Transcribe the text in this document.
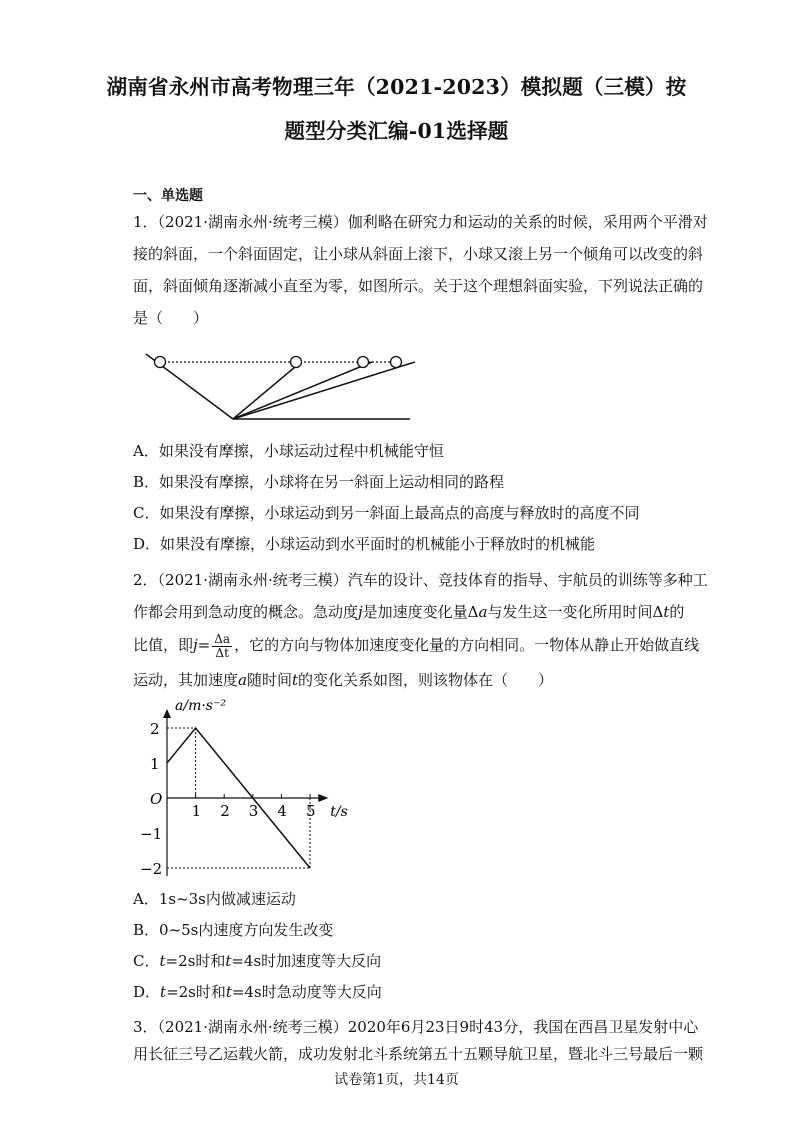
湖南省永州市高考物理三年（2021-2023）模拟题（三模）按
题型分类汇编-01选择题
一、单选题
1．（2021·湖南永州·统考三模）伽利略在研究力和运动的关系的时候，采用两个平滑对
接的斜面，一个斜面固定，让小球从斜面上滚下，小球又滚上另一个倾角可以改变的斜
面，斜面倾角逐渐减小直至为零，如图所示。关于这个理想斜面实验，下列说法正确的
是（　　）
A．如果没有摩擦，小球运动过程中机械能守恒
B．如果没有摩擦，小球将在另一斜面上运动相同的路程
C．如果没有摩擦，小球运动到另一斜面上最高点的高度与释放时的高度不同
D．如果没有摩擦，小球运动到水平面时的机械能小于释放时的机械能
2．（2021·湖南永州·统考三模）汽车的设计、竞技体育的指导、宇航员的训练等多种工
作都会用到急动度的概念。急动度j是加速度变化量Δa与发生这一变化所用时间Δt的
比值，即$j= \frac{\Delta a}{\Delta t}$ ，它的方向与物体加速度变化量的方向相同。一物体从静止开始做直线
运动，其加速度a随时间t的变化关系如图，则该物体在（　　）
a/m·s⁻²
t/s
O
1 2 3 4 5
2
1
−1
−2
A．1s~3s内做减速运动
B．0~5s内速度方向发生改变
C．t=2s时和t=4s时加速度等大反向
D．t=2s时和t=4s时急动度等大反向
3．（2021·湖南永州·统考三模）2020年6月23日9时43分，我国在西昌卫星发射中心
用长征三号乙运载火箭，成功发射北斗系统第五十五颗导航卫星，暨北斗三号最后一颗
试卷第1页，共14页
